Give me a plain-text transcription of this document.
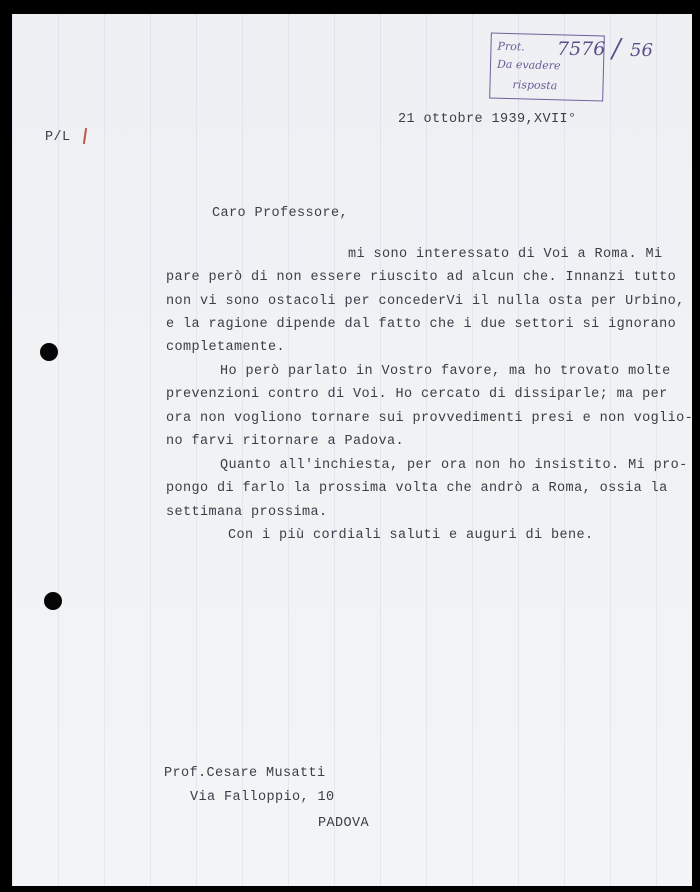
Prot.
Da evadere
risposta
7576 / 56
P/L
21 ottobre 1939,XVII°
Caro Professore,
mi sono interessato di Voi a Roma. Mi
pare però di non essere riuscito ad alcun che. Innanzi tutto
non vi sono ostacoli per concederVi il nulla osta per Urbino,
e la ragione dipende dal fatto che i due settori si ignorano
completamente.
Ho però parlato in Vostro favore, ma ho trovato molte
prevenzioni contro di Voi. Ho cercato di dissiparle; ma per
ora non vogliono tornare sui provvedimenti presi e non voglio-
no farvi ritornare a Padova.
Quanto all'inchiesta, per ora non ho insistito. Mi pro-
pongo di farlo la prossima volta che andrò a Roma, ossia la
settimana prossima.
Con i più cordiali saluti e auguri di bene.
Prof.Cesare Musatti
Via Falloppio, 10
PADOVA
